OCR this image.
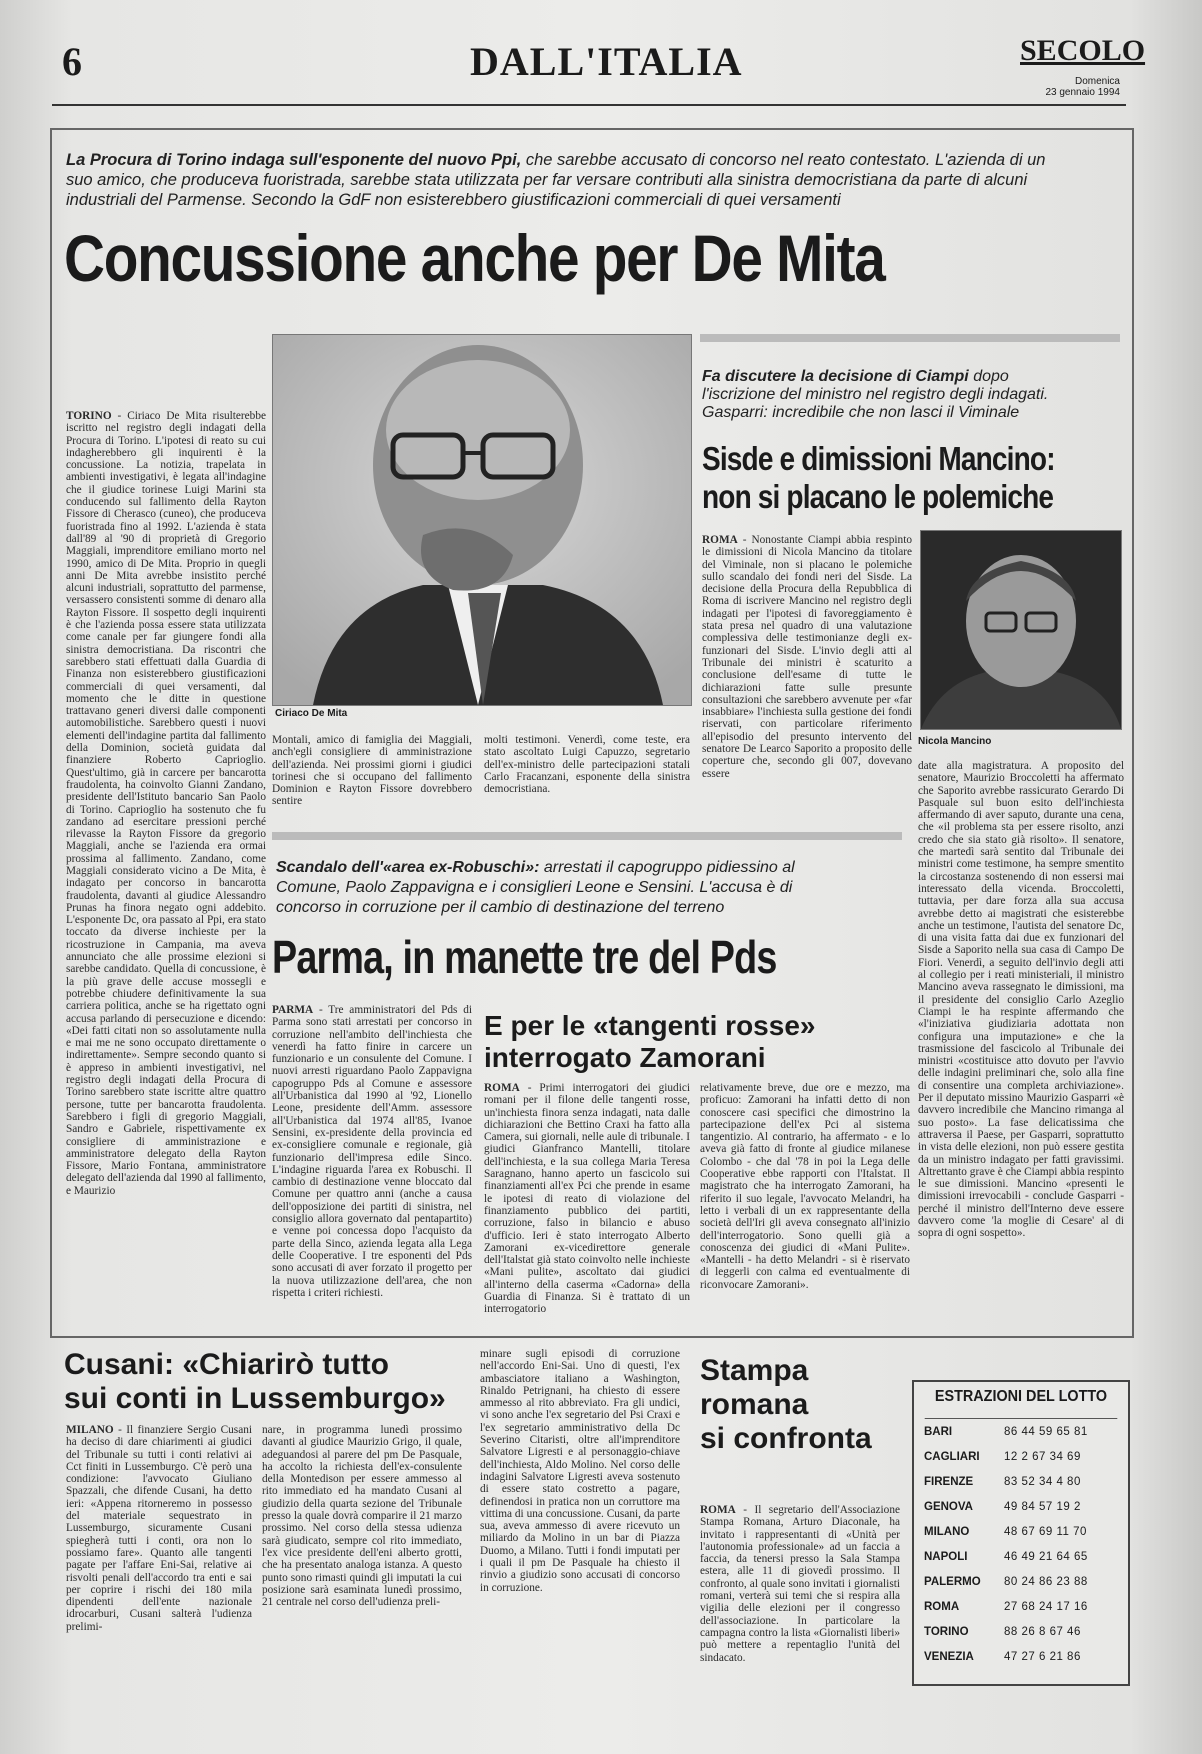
6	DALL'ITALIA	SECOLO
Domenica
23 gennaio 1994
La Procura di Torino indaga sull'esponente del nuovo Ppi, che sarebbe accusato di concorso nel reato contestato. L'azienda di un suo amico, che produceva fuoristrada, sarebbe stata utilizzata per far versare contributi alla sinistra democristiana da parte di alcuni industriali del Parmense. Secondo la GdF non esisterebbero giustificazioni commerciali di quei versamenti
Concussione anche per De Mita
TORINO - Ciriaco De Mita risulterebbe iscritto nel registro degli indagati della Procura di Torino. L'ipotesi di reato su cui indagherebbero gli inquirenti è la concussione. La notizia, trapelata in ambienti investigativi, è legata all'indagine che il giudice torinese Luigi Marini sta conducendo sul fallimento della Rayton Fissore di Cherasco (cuneo), che produceva fuoristrada fino al 1992. L'azienda è stata dall'89 al '90 di proprietà di Gregorio Maggiali, imprenditore emiliano morto nel 1990, amico di De Mita. Proprio in quegli anni De Mita avrebbe insistito perché alcuni industriali, soprattutto del parmense, versassero consistenti somme di denaro alla Rayton Fissore. Il sospetto degli inquirenti è che l'azienda possa essere stata utilizzata come canale per far giungere fondi alla sinistra democristiana. Da riscontri che sarebbero stati effettuati dalla Guardia di Finanza non esisterebbero giustificazioni commerciali di quei versamenti, dal momento che le ditte in questione trattavano generi diversi dalle componenti automobilistiche. Sarebbero questi i nuovi elementi dell'indagine partita dal fallimento della Dominion, società guidata dal finanziere Roberto Caprioglio. Quest'ultimo, già in carcere per bancarotta fraudolenta, ha coinvolto Gianni Zandano, presidente dell'Istituto bancario San Paolo di Torino. Caprioglio ha sostenuto che fu zandano ad esercitare pressioni perché rilevasse la Rayton Fissore da gregorio Maggiali, anche se l'azienda era ormai prossima al fallimento. Zandano, come Maggiali considerato vicino a De Mita, è indagato per concorso in bancarotta fraudolenta, davanti al giudice Alessandro Prunas ha finora negato ogni addebito. L'esponente Dc, ora passato al Ppi, era stato toccato da diverse inchieste per la ricostruzione in Campania, ma aveva annunciato che alle prossime elezioni si sarebbe candidato. Quella di concussione, è la più grave delle accuse mossegli e potrebbe chiudere definitivamente la sua carriera politica, anche se ha rigettato ogni accusa parlando di persecuzione e dicendo: «Dei fatti citati non so assolutamente nulla e mai me ne sono occupato direttamente o indirettamente». Sempre secondo quanto si è appreso in ambienti investigativi, nel registro degli indagati della Procura di Torino sarebbero state iscritte altre quattro persone, tutte per bancarotta fraudolenta. Sarebbero i figli di gregorio Maggiali, Sandro e Gabriele, rispettivamente ex consigliere di amministrazione e amministratore delegato della Rayton Fissore, Mario Fontana, amministratore delegato dell'azienda dal 1990 al fallimento, e Maurizio
Ciriaco De Mita
Montali, amico di famiglia dei Maggiali, anch'egli consigliere di amministrazione dell'azienda. Nei prossimi giorni i giudici torinesi che si occupano del fallimento Dominion e Rayton Fissore dovrebbero sentire
molti testimoni. Venerdì, come teste, era stato ascoltato Luigi Capuzzo, segretario dell'ex-ministro delle partecipazioni statali Carlo Fracanzani, esponente della sinistra democristiana.
Fa discutere la decisione di Ciampi dopo l'iscrizione del ministro nel registro degli indagati. Gasparri: incredibile che non lasci il Viminale
Sisde e dimissioni Mancino:
non si placano le polemiche
ROMA - Nonostante Ciampi abbia respinto le dimissioni di Nicola Mancino da titolare del Viminale, non si placano le polemiche sullo scandalo dei fondi neri del Sisde. La decisione della Procura della Repubblica di Roma di iscrivere Mancino nel registro degli indagati per l'ipotesi di favoreggiamento è stata presa nel quadro di una valutazione complessiva delle testimonianze degli ex-funzionari del Sisde. L'invio degli atti al Tribunale dei ministri è scaturito a conclusione dell'esame di tutte le dichiarazioni fatte sulle presunte consultazioni che sarebbero avvenute per «far insabbiare» l'inchiesta sulla gestione dei fondi riservati, con particolare riferimento all'episodio del presunto intervento del senatore De Learco Saporito a proposito delle coperture che, secondo gli 007, dovevano essere
Nicola Mancino
date alla magistratura. A proposito del senatore, Maurizio Broccoletti ha affermato che Saporito avrebbe rassicurato Gerardo Di Pasquale sul buon esito dell'inchiesta affermando di aver saputo, durante una cena, che «il problema sta per essere risolto, anzi credo che sia stato già risolto». Il senatore, che martedì sarà sentito dal Tribunale dei ministri come testimone, ha sempre smentito la circostanza sostenendo di non essersi mai interessato della vicenda. Broccoletti, tuttavia, per dare forza alla sua accusa avrebbe detto ai magistrati che esisterebbe anche un testimone, l'autista del senatore Dc, di una visita fatta dai due ex funzionari del Sisde a Saporito nella sua casa di Campo De Fiori. Venerdì, a seguito dell'invio degli atti al collegio per i reati ministeriali, il ministro Mancino aveva rassegnato le dimissioni, ma il presidente del consiglio Carlo Azeglio Ciampi le ha respinte affermando che «l'iniziativa giudiziaria adottata non configura una imputazione» e che la trasmissione del fascicolo al Tribunale dei ministri «costituisce atto dovuto per l'avvio delle indagini preliminari che, solo alla fine di consentire una completa archiviazione». Per il deputato missino Maurizio Gasparri «è davvero incredibile che Mancino rimanga al suo posto». La fase delicatissima che attraversa il Paese, per Gasparri, soprattutto in vista delle elezioni, non può essere gestita da un ministro indagato per fatti gravissimi. Altrettanto grave è che Ciampi abbia respinto le sue dimissioni. Mancino «presenti le dimissioni irrevocabili - conclude Gasparri - perché il ministro dell'Interno deve essere davvero come 'la moglie di Cesare' al di sopra di ogni sospetto».
Scandalo dell'«area ex-Robuschi»: arrestati il capogruppo pidiessino al Comune, Paolo Zappavigna e i consiglieri Leone e Sensini. L'accusa è di concorso in corruzione per il cambio di destinazione del terreno
Parma, in manette tre del Pds
PARMA - Tre amministratori del Pds di Parma sono stati arrestati per concorso in corruzione nell'ambito dell'inchiesta che venerdì ha fatto finire in carcere un funzionario e un consulente del Comune. I nuovi arresti riguardano Paolo Zappavigna capogruppo Pds al Comune e assessore all'Urbanistica dal 1990 al '92, Lionello Leone, presidente dell'Amm. assessore all'Urbanistica dal 1974 all'85, Ivanoe Sensini, ex-presidente della provincia ed ex-consigliere comunale e regionale, già funzionario dell'impresa edile Sinco. L'indagine riguarda l'area ex Robuschi. Il cambio di destinazione venne bloccato dal Comune per quattro anni (anche a causa dell'opposizione dei partiti di sinistra, nel consiglio allora governato dal pentapartito) e venne poi concessa dopo l'acquisto da parte della Sinco, azienda legata alla Lega delle Cooperative. I tre esponenti del Pds sono accusati di aver forzato il progetto per la nuova utilizzazione dell'area, che non rispetta i criteri richiesti.
E per le «tangenti rosse»
interrogato Zamorani
ROMA - Primi interrogatori dei giudici romani per il filone delle tangenti rosse, un'inchiesta finora senza indagati, nata dalle dichiarazioni che Bettino Craxi ha fatto alla Camera, sui giornali, nelle aule di tribunale. I giudici Gianfranco Mantelli, titolare dell'inchiesta, e la sua collega Maria Teresa Saragnano, hanno aperto un fascicolo sui finanziamenti all'ex Pci che prende in esame le ipotesi di reato di violazione del finanziamento pubblico dei partiti, corruzione, falso in bilancio e abuso d'ufficio. Ieri è stato interrogato Alberto Zamorani ex-vicedirettore generale dell'Italstat già stato coinvolto nelle inchieste «Mani pulite», ascoltato dai giudici all'interno della caserma «Cadorna» della Guardia di Finanza. Si è trattato di un interrogatorio
relativamente breve, due ore e mezzo, ma proficuo: Zamorani ha infatti detto di non conoscere casi specifici che dimostrino la partecipazione dell'ex Pci al sistema tangentizio. Al contrario, ha affermato - e lo aveva già fatto di fronte al giudice milanese Colombo - che dal '78 in poi la Lega delle Cooperative ebbe rapporti con l'Italstat. Il magistrato che ha interrogato Zamorani, ha riferito il suo legale, l'avvocato Melandri, ha letto i verbali di un ex rappresentante della società dell'Iri gli aveva consegnato all'inizio dell'interrogatorio. Sono quelli già a conoscenza dei giudici di «Mani Pulite». «Mantelli - ha detto Melandri - si è riservato di leggerli con calma ed eventualmente di riconvocare Zamorani».
Cusani: «Chiarirò tutto
sui conti in Lussemburgo»
MILANO - Il finanziere Sergio Cusani ha deciso di dare chiarimenti ai giudici del Tribunale su tutti i conti relativi ai Cct finiti in Lussemburgo. C'è però una condizione: l'avvocato Giuliano Spazzali, che difende Cusani, ha detto ieri: «Appena ritorneremo in possesso del materiale sequestrato in Lussemburgo, sicuramente Cusani spiegherà tutti i conti, ora non lo possiamo fare». Quanto alle tangenti pagate per l'affare Eni-Sai, relative ai risvolti penali dell'accordo tra enti e sai per coprire i rischi dei 180 mila dipendenti dell'ente nazionale idrocarburi, Cusani salterà l'udienza prelimi-
nare, in programma lunedì prossimo davanti al giudice Maurizio Grigo, il quale, adeguandosi al parere del pm De Pasquale, ha accolto la richiesta dell'ex-consulente della Montedison per essere ammesso al rito immediato ed ha mandato Cusani al giudizio della quarta sezione del Tribunale presso la quale dovrà comparire il 21 marzo prossimo. Nel corso della stessa udienza sarà giudicato, sempre col rito immediato, l'ex vice presidente dell'eni alberto grotti, che ha presentato analoga istanza. A questo punto sono rimasti quindi gli imputati la cui posizione sarà esaminata lunedì prossimo, 21 centrale nel corso dell'udienza preli-
minare sugli episodi di corruzione nell'accordo Eni-Sai. Uno di questi, l'ex ambasciatore italiano a Washington, Rinaldo Petrignani, ha chiesto di essere ammesso al rito abbreviato. Fra gli undici, vi sono anche l'ex segretario del Psi Craxi e l'ex segretario amministrativo della Dc Severino Citaristi, oltre all'imprenditore Salvatore Ligresti e al personaggio-chiave dell'inchiesta, Aldo Molino. Nel corso delle indagini Salvatore Ligresti aveva sostenuto di essere stato costretto a pagare, definendosi in pratica non un corruttore ma vittima di una concussione. Cusani, da parte sua, aveva ammesso di avere ricevuto un miliardo da Molino in un bar di Piazza Duomo, a Milano. Tutti i fondi imputati per i quali il pm De Pasquale ha chiesto il rinvio a giudizio sono accusati di concorso in corruzione.
Stampa
romana
si confronta
ROMA - Il segretario dell'Associazione Stampa Romana, Arturo Diaconale, ha invitato i rappresentanti di «Unità per l'autonomia professionale» ad un faccia a faccia, da tenersi presso la Sala Stampa estera, alle 11 di giovedì prossimo. Il confronto, al quale sono invitati i giornalisti romani, verterà sui temi che si respira alla vigilia delle elezioni per il congresso dell'associazione. In particolare la campagna contro la lista «Giornalisti liberi» può mettere a repentaglio l'unità del sindacato.
ESTRAZIONI DEL LOTTO
BARI	86 44 59 65 81
CAGLIARI	12 2 67 34 69
FIRENZE	83 52 34 4 80
GENOVA	49 84 57 19 2
MILANO	48 67 69 11 70
NAPOLI	46 49 21 64 65
PALERMO	80 24 86 23 88
ROMA	27 68 24 17 16
TORINO	88 26 8 67 46
VENEZIA	47 27 6 21 86
